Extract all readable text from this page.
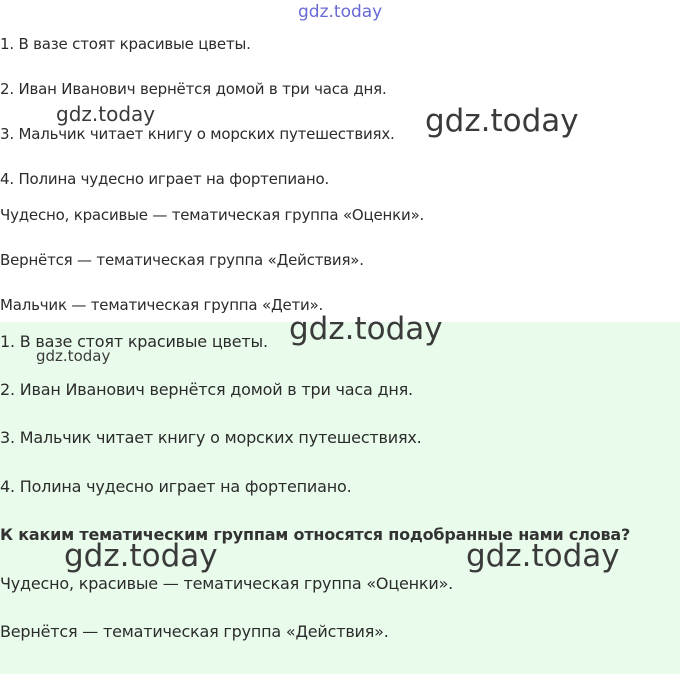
1. В вазе стоят красивые цветы.
2. Иван Иванович вернётся домой в три часа дня.
3. Мальчик читает книгу о морских путешествиях.
4. Полина чудесно играет на фортепиано.
Чудесно, красивые — тематическая группа «Оценки».
Вернётся — тематическая группа «Действия».
Мальчик — тематическая группа «Дети».
1. В вазе стоят красивые цветы.
2. Иван Иванович вернётся домой в три часа дня.
3. Мальчик читает книгу о морских путешествиях.
4. Полина чудесно играет на фортепиано.
К каким тематическим группам относятся подобранные нами слова?
Чудесно, красивые — тематическая группа «Оценки».
Вернётся — тематическая группа «Действия».
gdz.today
gdz.today	gdz.today
gdz.today
gdz.today
gdz.today	gdz.today
